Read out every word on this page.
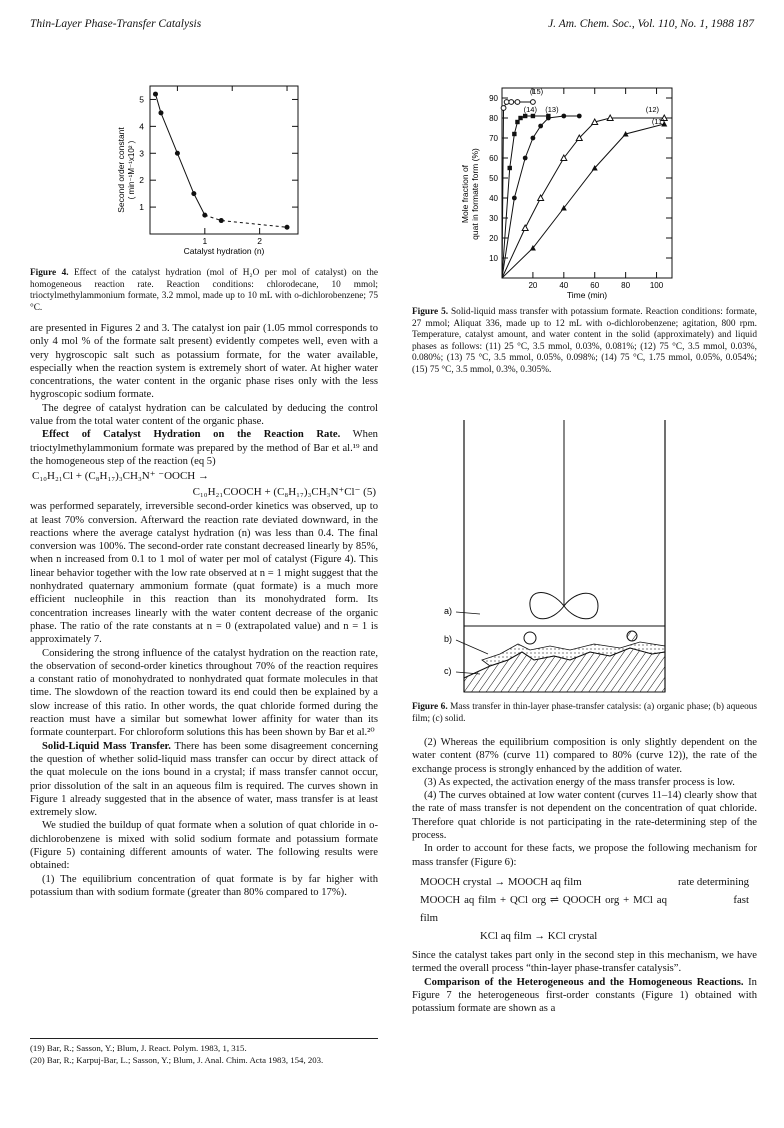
Thin-Layer Phase-Transfer Catalysis	J. Am. Chem. Soc., Vol. 110, No. 1, 1988 187
Second order constant ( min⁻¹M⁻¹x10² )
5
4
3
2
1
1	2
Catalyst hydration (n)
Figure 4. Effect of the catalyst hydration (mol of H₂O per mol of catalyst) on the homogeneous reaction rate. Reaction conditions: chlorodecane, 10 mmol; trioctylmethylammonium formate, 3.2 mmol, made up to 10 mL with o-dichlorobenzene; 75 °C.

are presented in Figures 2 and 3. The catalyst ion pair (1.05 mmol corresponds to only 4 mol % of the formate salt present) evidently competes well, even with a very hygroscopic salt such as potassium formate, for the water available, especially when the reaction system is extremely short of water. At higher water concentrations, the water content in the organic phase rises only with the less hygroscopic sodium formate.

The degree of catalyst hydration can be calculated by deducing the control value from the total water content of the organic phase.

Effect of Catalyst Hydration on the Reaction Rate. When trioctylmethylammonium formate was prepared by the method of Bar et al.¹⁹ and the homogeneous step of the reaction (eq 5)

C₁₀H₂₁Cl + (C₈H₁₇)₃CH₃N⁺ ⁻OOCH →
C₁₀H₂₁COOCH + (C₈H₁₇)₃CH₃N⁺Cl⁻ (5)

was performed separately, irreversible second-order kinetics was observed, up to at least 70% conversion. Afterward the reaction rate deviated downward, in the reactions where the average catalyst hydration (n) was less than 0.4. The final conversion was 100%. The second-order rate constant decreased linearly by 85%, when n increased from 0.1 to 1 mol of water per mol of catalyst (Figure 4). This linear behavior together with the low rate observed at n = 1 might suggest that the nonhydrated quaternary ammonium formate (quat formate) is a much more efficient nucleophile in this reaction than its monohydrated form. Its concentration increases linearly with the water content decrease of the organic phase. The ratio of the rate constants at n = 0 (extrapolated value) and n = 1 is approximately 7.

Considering the strong influence of the catalyst hydration on the reaction rate, the observation of second-order kinetics throughout 70% of the reaction requires a constant ratio of monohydrated to nonhydrated quat formate molecules in that time. The slowdown of the reaction toward its end could then be explained by a slow increase of this ratio. In other words, the quat chloride formed during the reaction must have a similar but somewhat lower affinity for water than its formate counterpart. For chloroform solutions this has been shown by Bar et al.²⁰

Solid-Liquid Mass Transfer. There has been some disagreement concerning the question of whether solid-liquid mass transfer can occur by direct attack of the quat molecule on the ions bound in a crystal; if mass transfer cannot occur, prior dissolution of the salt in an aqueous film is required. The curves shown in Figure 1 already suggested that in the absence of water, mass transfer is at least extremely slow.

We studied the buildup of quat formate when a solution of quat chloride in o-dichlorobenzene is mixed with solid sodium formate and potassium formate (Figure 5) containing different amounts of water. The following results were obtained:

(1) The equilibrium concentration of quat formate is by far higher with potassium than with sodium formate (greater than 80% compared to 17%).

(19) Bar, R.; Sasson, Y.; Blum, J. React. Polym. 1983, 1, 315.
(20) Bar, R.; Karpuj-Bar, L.; Sasson, Y.; Blum, J. Anal. Chim. Acta 1983, 154, 203.
Mole fraction of quat in formate form (%)
90
80
70
60
50
40
30
20
10
20	40	60	80 100
(15)
(14) (13)	(12)
(11)
Time (min)
Figure 5. Solid-liquid mass transfer with potassium formate. Reaction conditions: formate, 27 mmol; Aliquat 336, made up to 12 mL with o-dichlorobenzene; agitation, 800 rpm. Temperature, catalyst amount, and water content in the solid (approximately) and liquid phases as follows: (11) 25 °C, 3.5 mmol, 0.03%, 0.081%; (12) 75 °C, 3.5 mmol, 0.03%, 0.080%; (13) 75 °C, 3.5 mmol, 0.05%, 0.098%; (14) 75 °C, 1.75 mmol, 0.05%, 0.054%; (15) 75 °C, 3.5 mmol, 0.3%, 0.305%.
a)
b)
c)
Figure 6. Mass transfer in thin-layer phase-transfer catalysis: (a) organic phase; (b) aqueous film; (c) solid.

(2) Whereas the equilibrium composition is only slightly dependent on the water content (87% (curve 11) compared to 80% (curve 12)), the rate of the exchange process is strongly enhanced by the addition of water.

(3) As expected, the activation energy of the mass transfer process is low.

(4) The curves obtained at low water content (curves 11–14) clearly show that the rate of mass transfer is not dependent on the concentration of quat chloride. Therefore quat chloride is not participating in the rate-determining step of the process.

In order to account for these facts, we propose the following mechanism for mass transfer (Figure 6):

MOOCH crystal → MOOCH aq film	rate determining
MOOCH aq film + QCl org ⇌ QOOCH org + MCl aq film
fast
KCl aq film → KCl crystal

Since the catalyst takes part only in the second step in this mechanism, we have termed the overall process “thin-layer phase-transfer catalysis”.

Comparison of the Heterogeneous and the Homogeneous Reactions. In Figure 7 the heterogeneous first-order constants (Figure 1) obtained with potassium formate are shown as a
